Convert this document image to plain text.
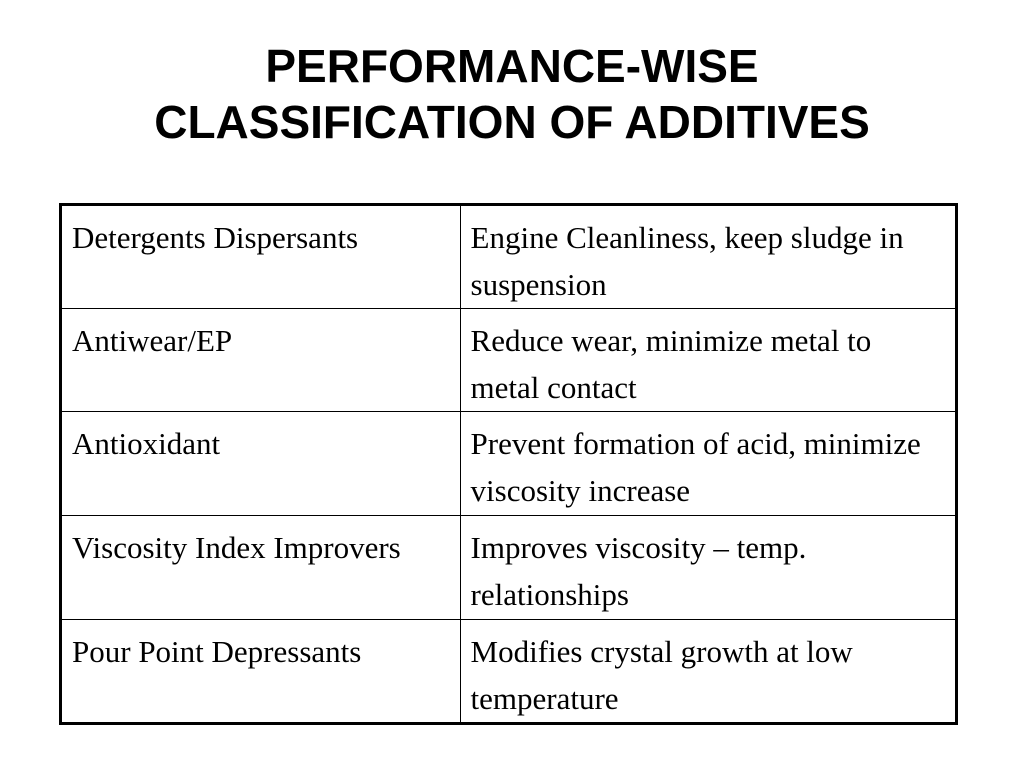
PERFORMANCE-WISE
CLASSIFICATION OF ADDITIVES
Detergents Dispersants	Engine Cleanliness, keep sludge in suspension
Antiwear/EP	Reduce wear, minimize metal to metal contact
Antioxidant	Prevent formation of acid, minimize viscosity increase
Viscosity Index Improvers	Improves viscosity – temp. relationships
Pour Point Depressants	Modifies crystal growth at low temperature
